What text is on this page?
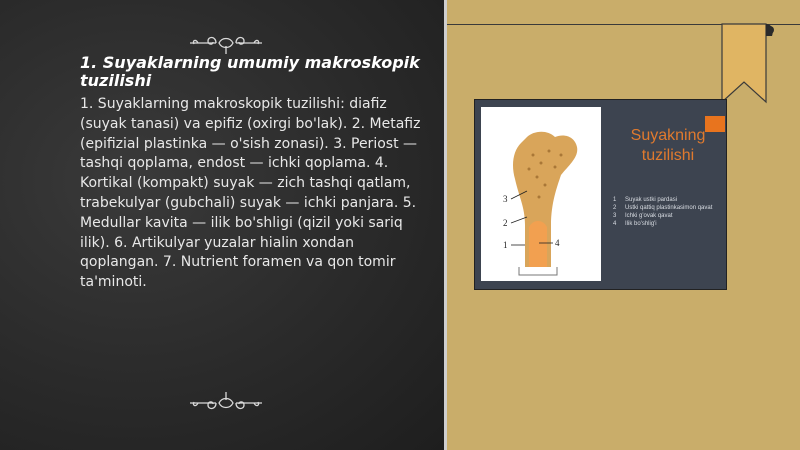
1. Suyaklarning umumiy makroskopik tuzilishi
1. Suyaklarning makroskopik tuzilishi: diafiz (suyak tanasi) va epifiz (oxirgi bo'lak). 2. Metafiz (epifizial plastinka — o'sish zonasi). 3. Periost — tashqi qoplama, endost — ichki qoplama. 4. Kortikal (kompakt) suyak — zich tashqi qatlam, trabekulyar (gubchali) suyak — ichki panjara. 5. Medullar kavita — ilik bo'shligi (qizil yoki sariq ilik). 6. Artikulyar yuzalar hialin xondan qoplangan. 7. Nutrient foramen va qon tomir ta'minoti.
3
2
1	4
Suyakning tuzilishi
1	Suyak ustki pardasi
2	Ustki qattiq plastinkasimon qavat
3	Ichki g'ovak qavat
4	Ilik bo'shlig'i
